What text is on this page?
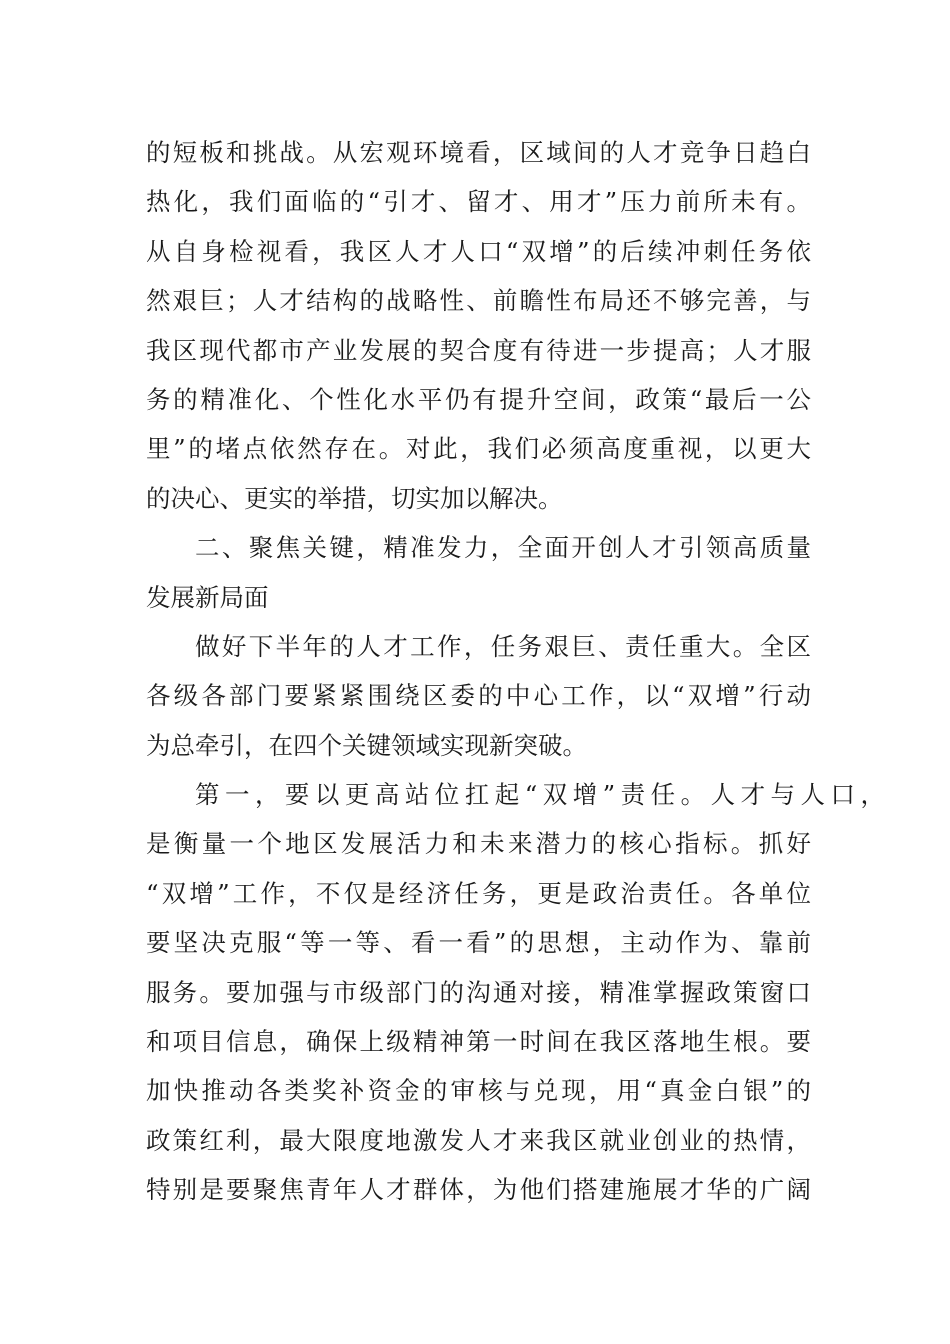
的短板和挑战。从宏观环境看，区域间的人才竞争日趋白
热化，我们面临的“引才、留才、用才”压力前所未有。
从自身检视看，我区人才人口“双增”的后续冲刺任务依
然艰巨；人才结构的战略性、前瞻性布局还不够完善，与
我区现代都市产业发展的契合度有待进一步提高；人才服
务的精准化、个性化水平仍有提升空间，政策“最后一公
里”的堵点依然存在。对此，我们必须高度重视，以更大
的决心、更实的举措，切实加以解决。
二、聚焦关键，精准发力，全面开创人才引领高质量
发展新局面
做好下半年的人才工作，任务艰巨、责任重大。全区
各级各部门要紧紧围绕区委的中心工作，以“双增”行动
为总牵引，在四个关键领域实现新突破。
第一，要以更高站位扛起“双增”责任。人才与人口，
是衡量一个地区发展活力和未来潜力的核心指标。抓好
“双增”工作，不仅是经济任务，更是政治责任。各单位
要坚决克服“等一等、看一看”的思想，主动作为、靠前
服务。要加强与市级部门的沟通对接，精准掌握政策窗口
和项目信息，确保上级精神第一时间在我区落地生根。要
加快推动各类奖补资金的审核与兑现，用“真金白银”的
政策红利，最大限度地激发人才来我区就业创业的热情，
特别是要聚焦青年人才群体，为他们搭建施展才华的广阔
